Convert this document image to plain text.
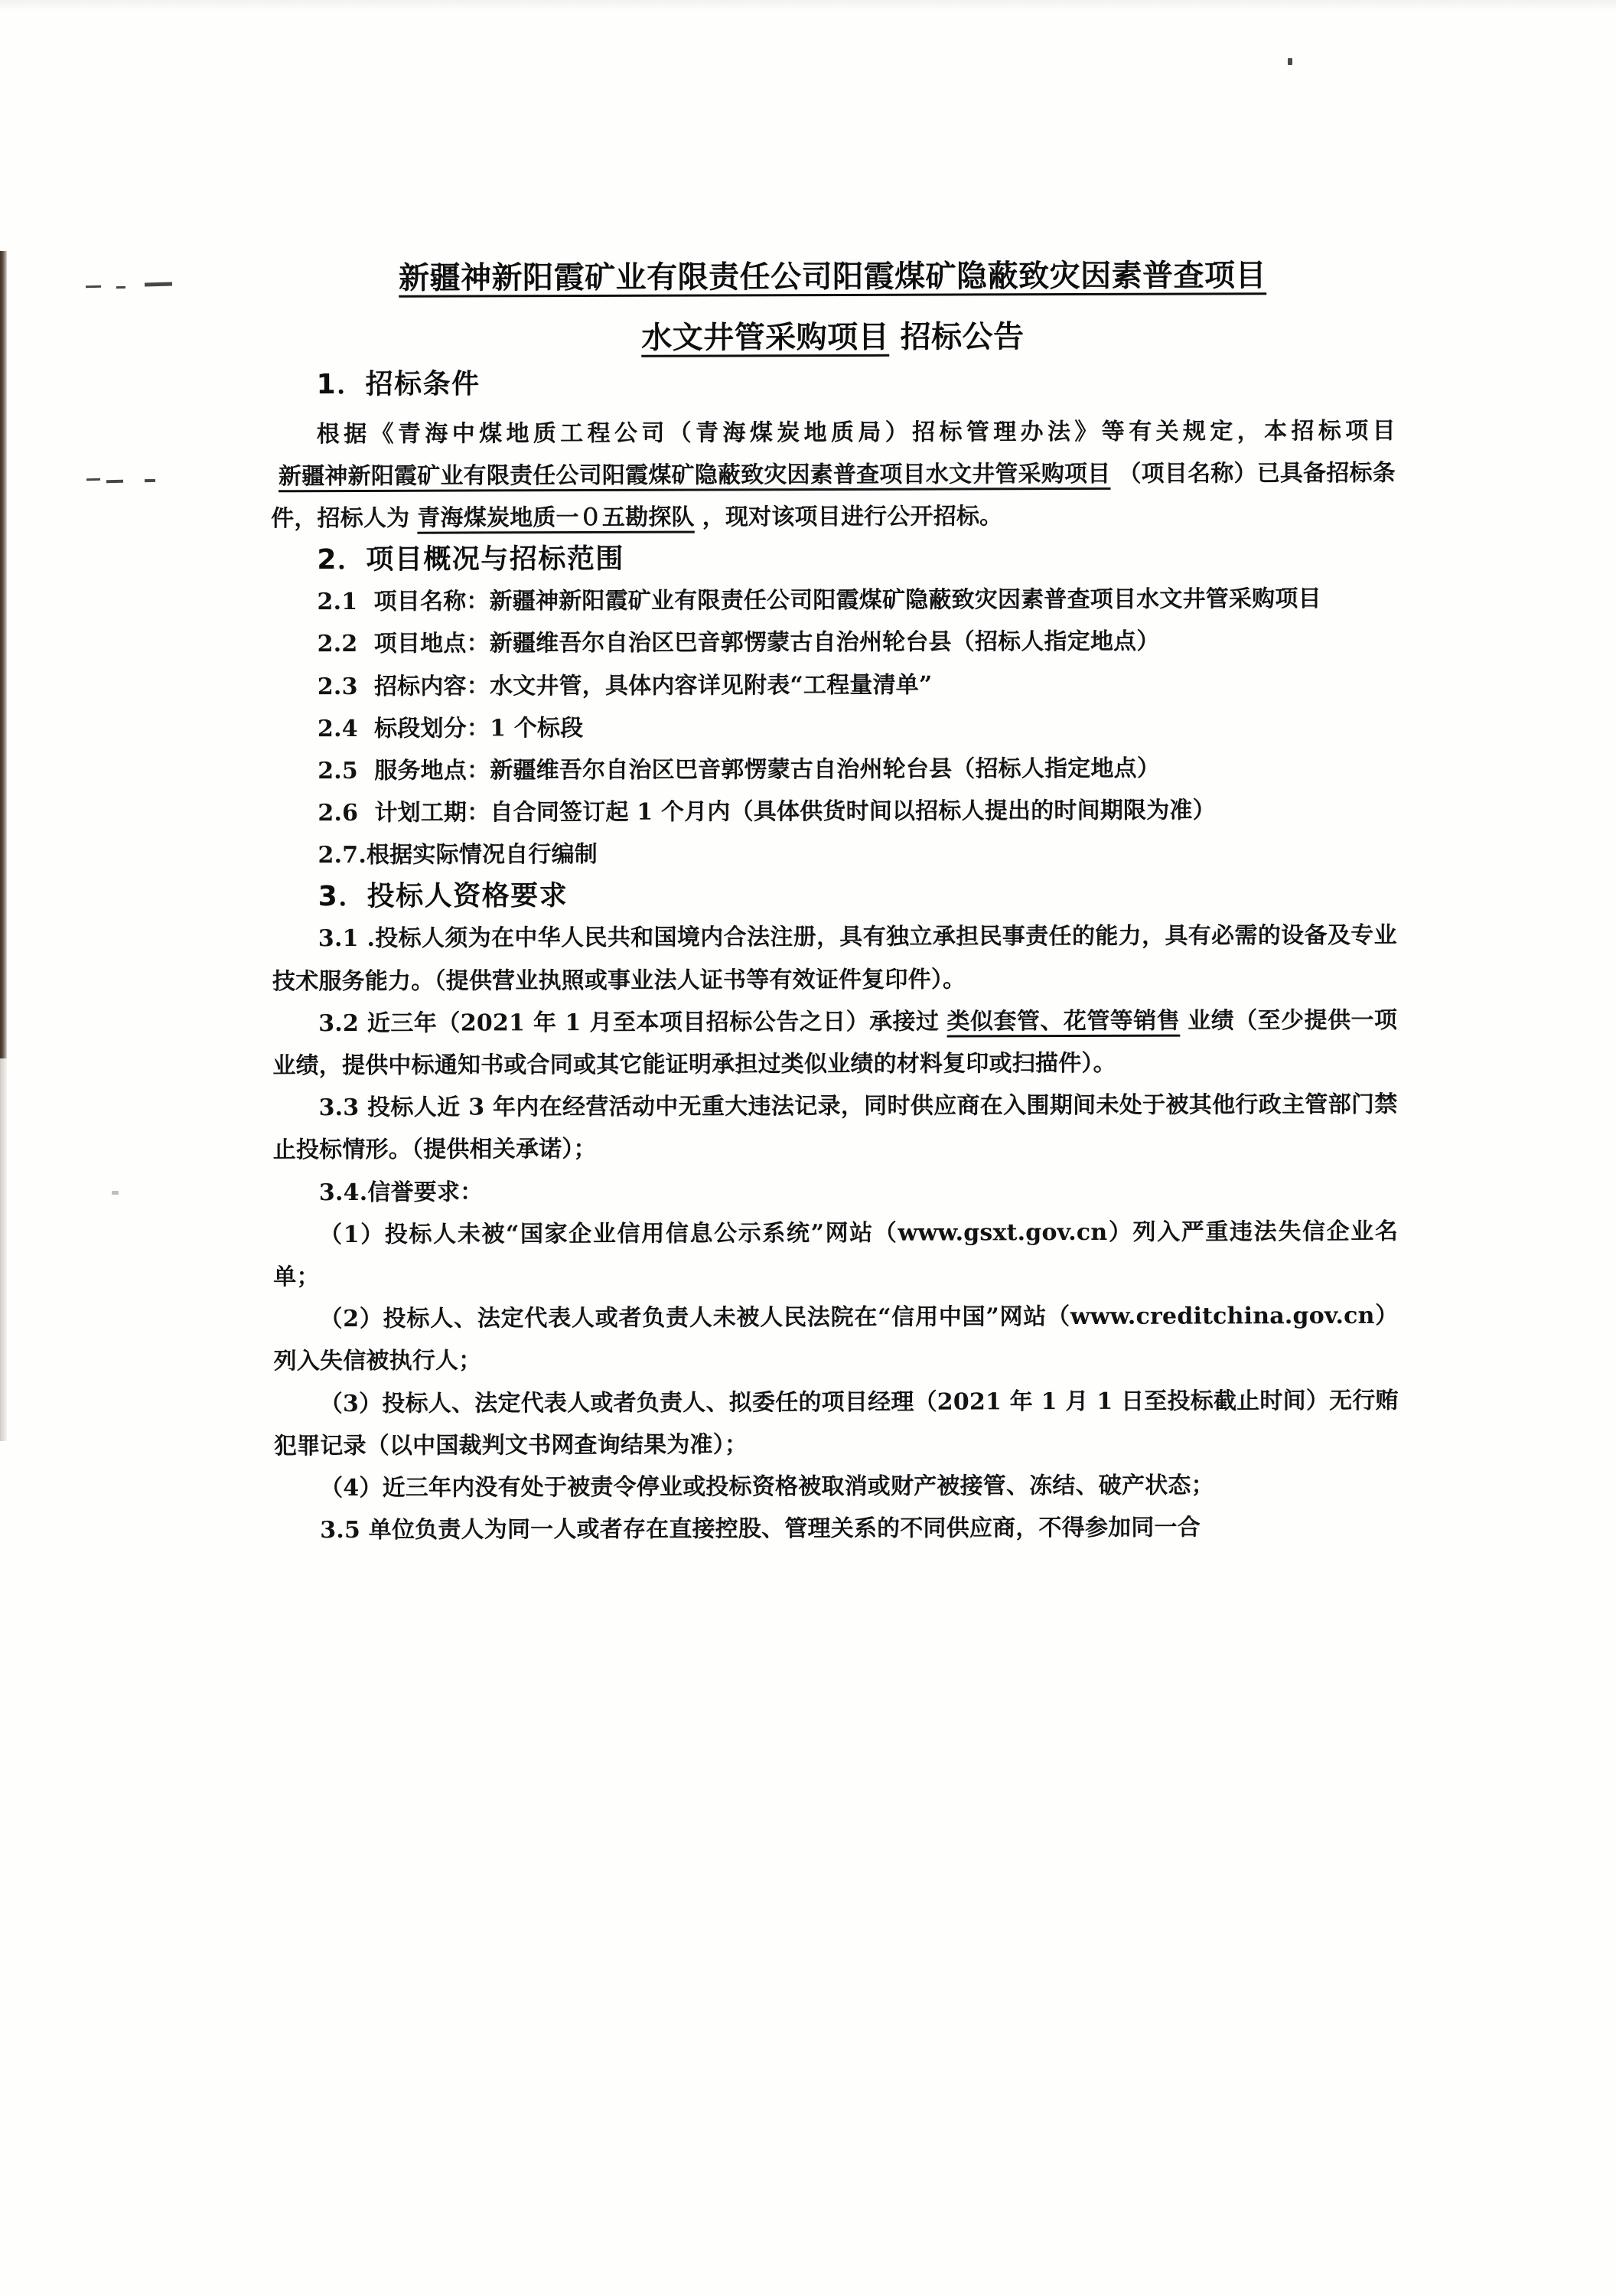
新疆神新阳霞矿业有限责任公司阳霞煤矿隐蔽致灾因素普查项目
水文井管采购项目 招标公告
1．招标条件

根据《青海中煤地质工程公司（青海煤炭地质局）招标管理办法》等有关规定，本招标项目新疆神新阳霞矿业有限责任公司阳霞煤矿隐蔽致灾因素普查项目水文井管采购项目 （项目名称）已具备招标条件，招标人为 青海煤炭地质一０五勘探队 ，现对该项目进行公开招标。

2．项目概况与招标范围

2.1 项目名称：新疆神新阳霞矿业有限责任公司阳霞煤矿隐蔽致灾因素普查项目水文井管采购项目

2.2 项目地点：新疆维吾尔自治区巴音郭愣蒙古自治州轮台县（招标人指定地点）

2.3 招标内容：水文井管，具体内容详见附表“工程量清单”

2.4 标段划分：1 个标段

2.5 服务地点：新疆维吾尔自治区巴音郭愣蒙古自治州轮台县（招标人指定地点）

2.6 计划工期：自合同签订起 1 个月内（具体供货时间以招标人提出的时间期限为准）

2.7.根据实际情况自行编制

3．投标人资格要求

3.1 .投标人须为在中华人民共和国境内合法注册，具有独立承担民事责任的能力，具有必需的设备及专业技术服务能力。（提供营业执照或事业法人证书等有效证件复印件）。

3.2 近三年（2021 年 1 月至本项目招标公告之日）承接过 类似套管、花管等销售 业绩（至少提供一项业绩，提供中标通知书或合同或其它能证明承担过类似业绩的材料复印或扫描件）。

3.3 投标人近 3 年内在经营活动中无重大违法记录，同时供应商在入围期间未处于被其他行政主管部门禁止投标情形。（提供相关承诺）；

3.4.信誉要求：

（1）投标人未被“国家企业信用信息公示系统”网站（www.gsxt.gov.cn）列入严重违法失信企业名单；

（2）投标人、法定代表人或者负责人未被人民法院在“信用中国”网站（www.creditchina.gov.cn）列入失信被执行人；

（3）投标人、法定代表人或者负责人、拟委任的项目经理（2021 年 1 月 1 日至投标截止时间）无行贿犯罪记录（以中国裁判文书网查询结果为准）；

（4）近三年内没有处于被责令停业或投标资格被取消或财产被接管、冻结、破产状态；

3.5 单位负责人为同一人或者存在直接控股、管理关系的不同供应商，不得参加同一合
